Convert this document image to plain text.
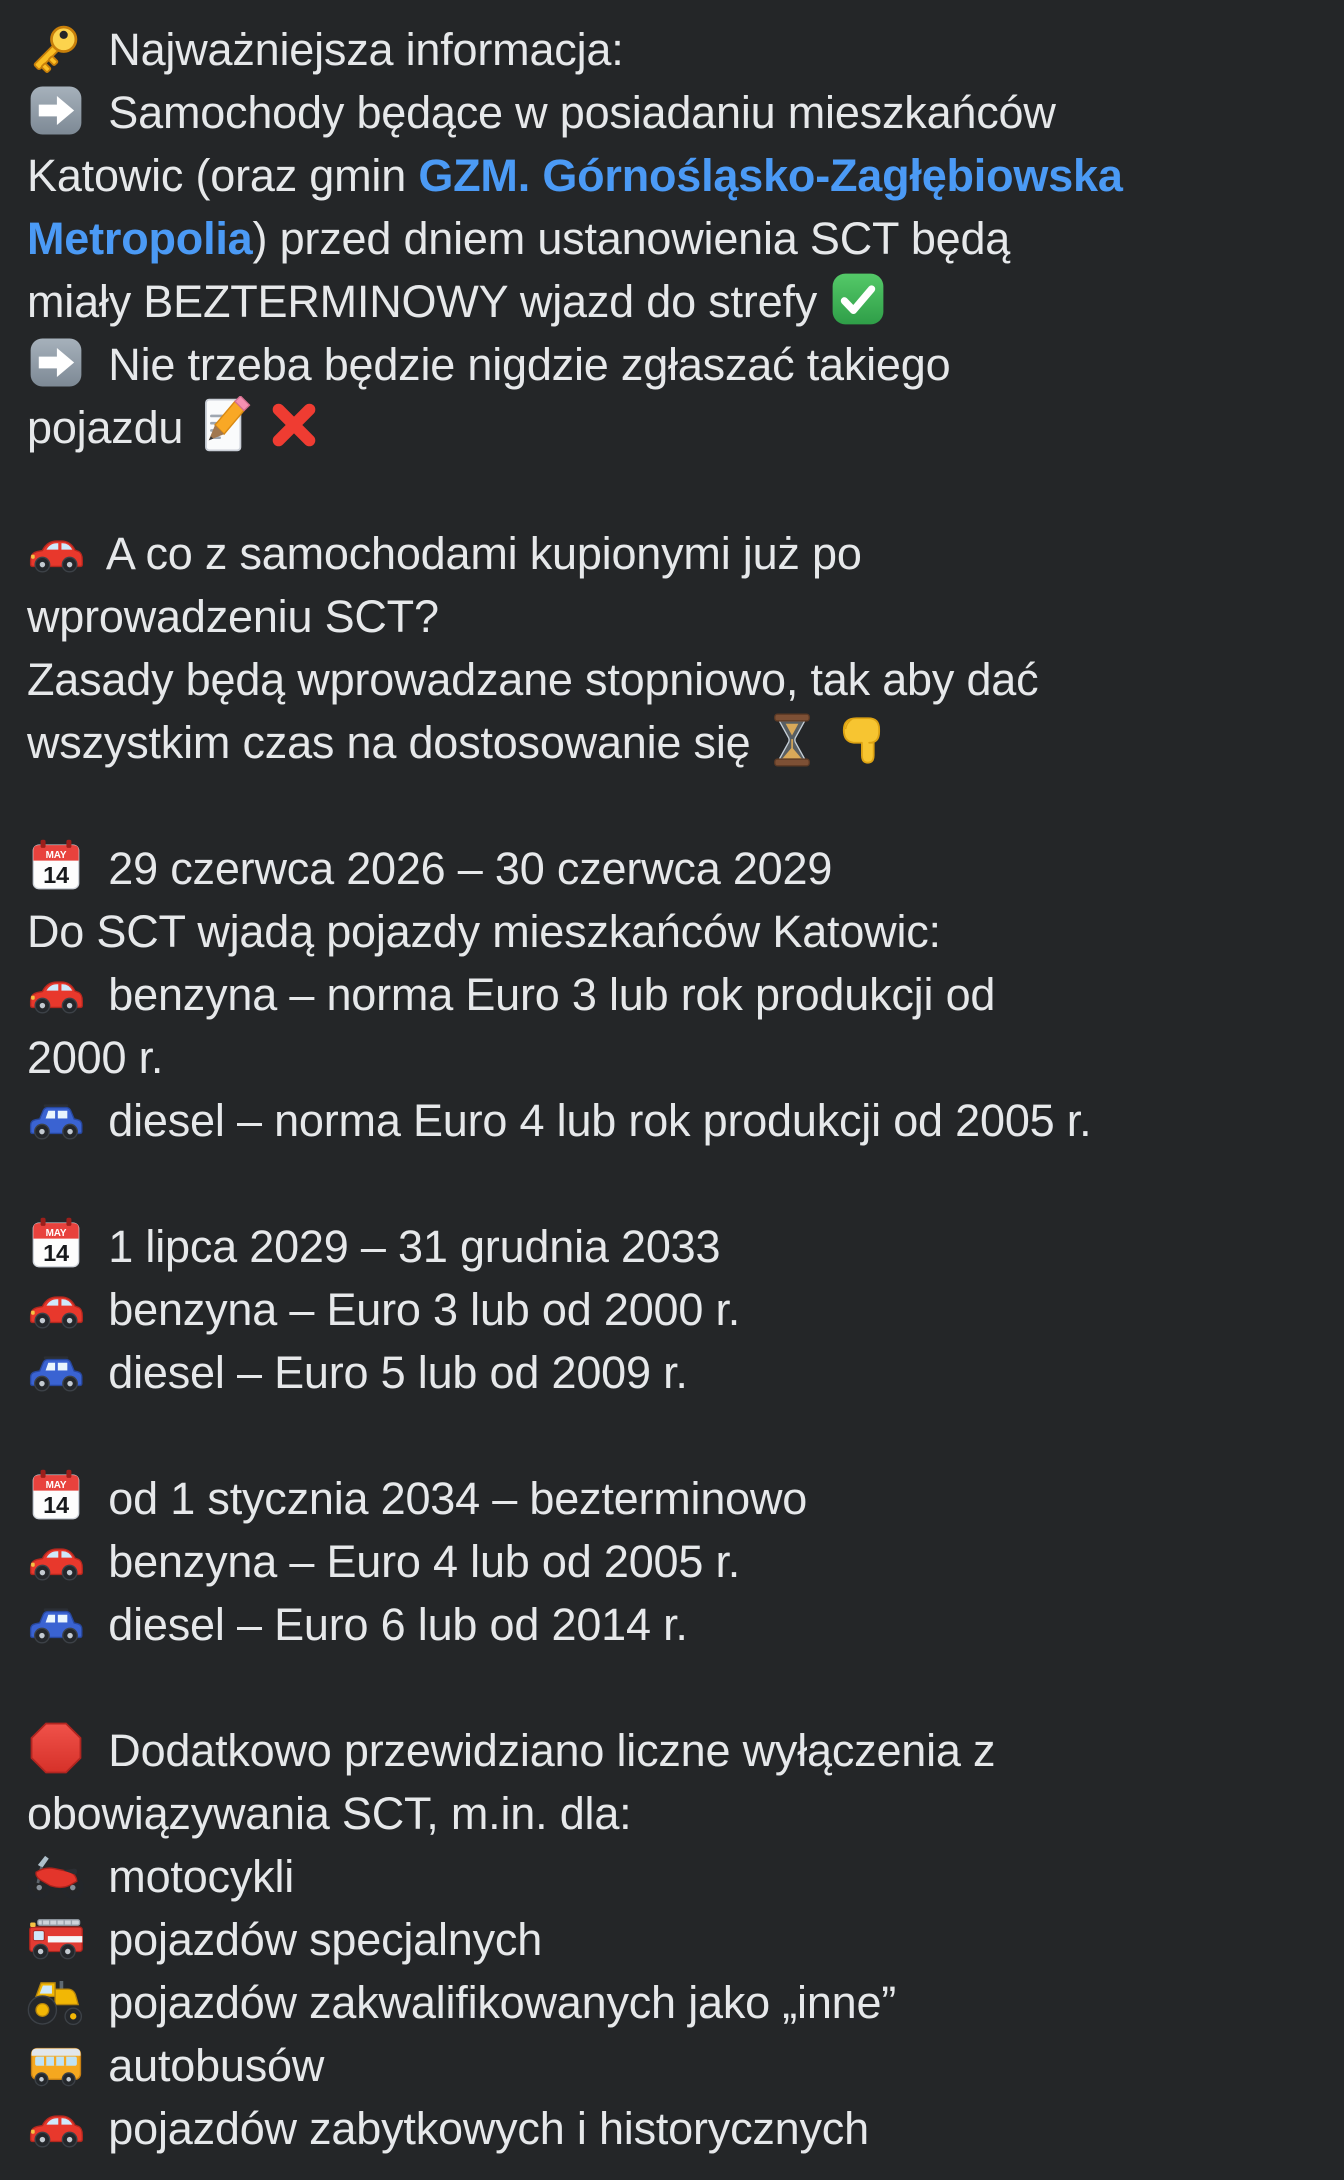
Najważniejsza informacja:
Samochody będące w posiadaniu mieszkańców
Katowic (oraz gmin GZM. Górnośląsko-Zagłębiowska
Metropolia) przed dniem ustanowienia SCT będą
miały BEZTERMINOWY wjazd do strefy
Nie trzeba będzie nigdzie zgłaszać takiego
pojazdu

A co z samochodami kupionymi już po
wprowadzeniu SCT?
Zasady będą wprowadzane stopniowo, tak aby dać
wszystkim czas na dostosowanie się

MAY
14 29 czerwca 2026 – 30 czerwca 2029
Do SCT wjadą pojazdy mieszkańców Katowic:
benzyna – norma Euro 3 lub rok produkcji od
2000 r.
diesel – norma Euro 4 lub rok produkcji od 2005 r.

MAY
14 1 lipca 2029 – 31 grudnia 2033
benzyna – Euro 3 lub od 2000 r.
diesel – Euro 5 lub od 2009 r.

MAY
14 od 1 stycznia 2034 – bezterminowo
benzyna – Euro 4 lub od 2005 r.
diesel – Euro 6 lub od 2014 r.

Dodatkowo przewidziano liczne wyłączenia z
obowiązywania SCT, m.in. dla:
motocykli
pojazdów specjalnych
pojazdów zakwalifikowanych jako „inne”
autobusów
pojazdów zabytkowych i historycznych
